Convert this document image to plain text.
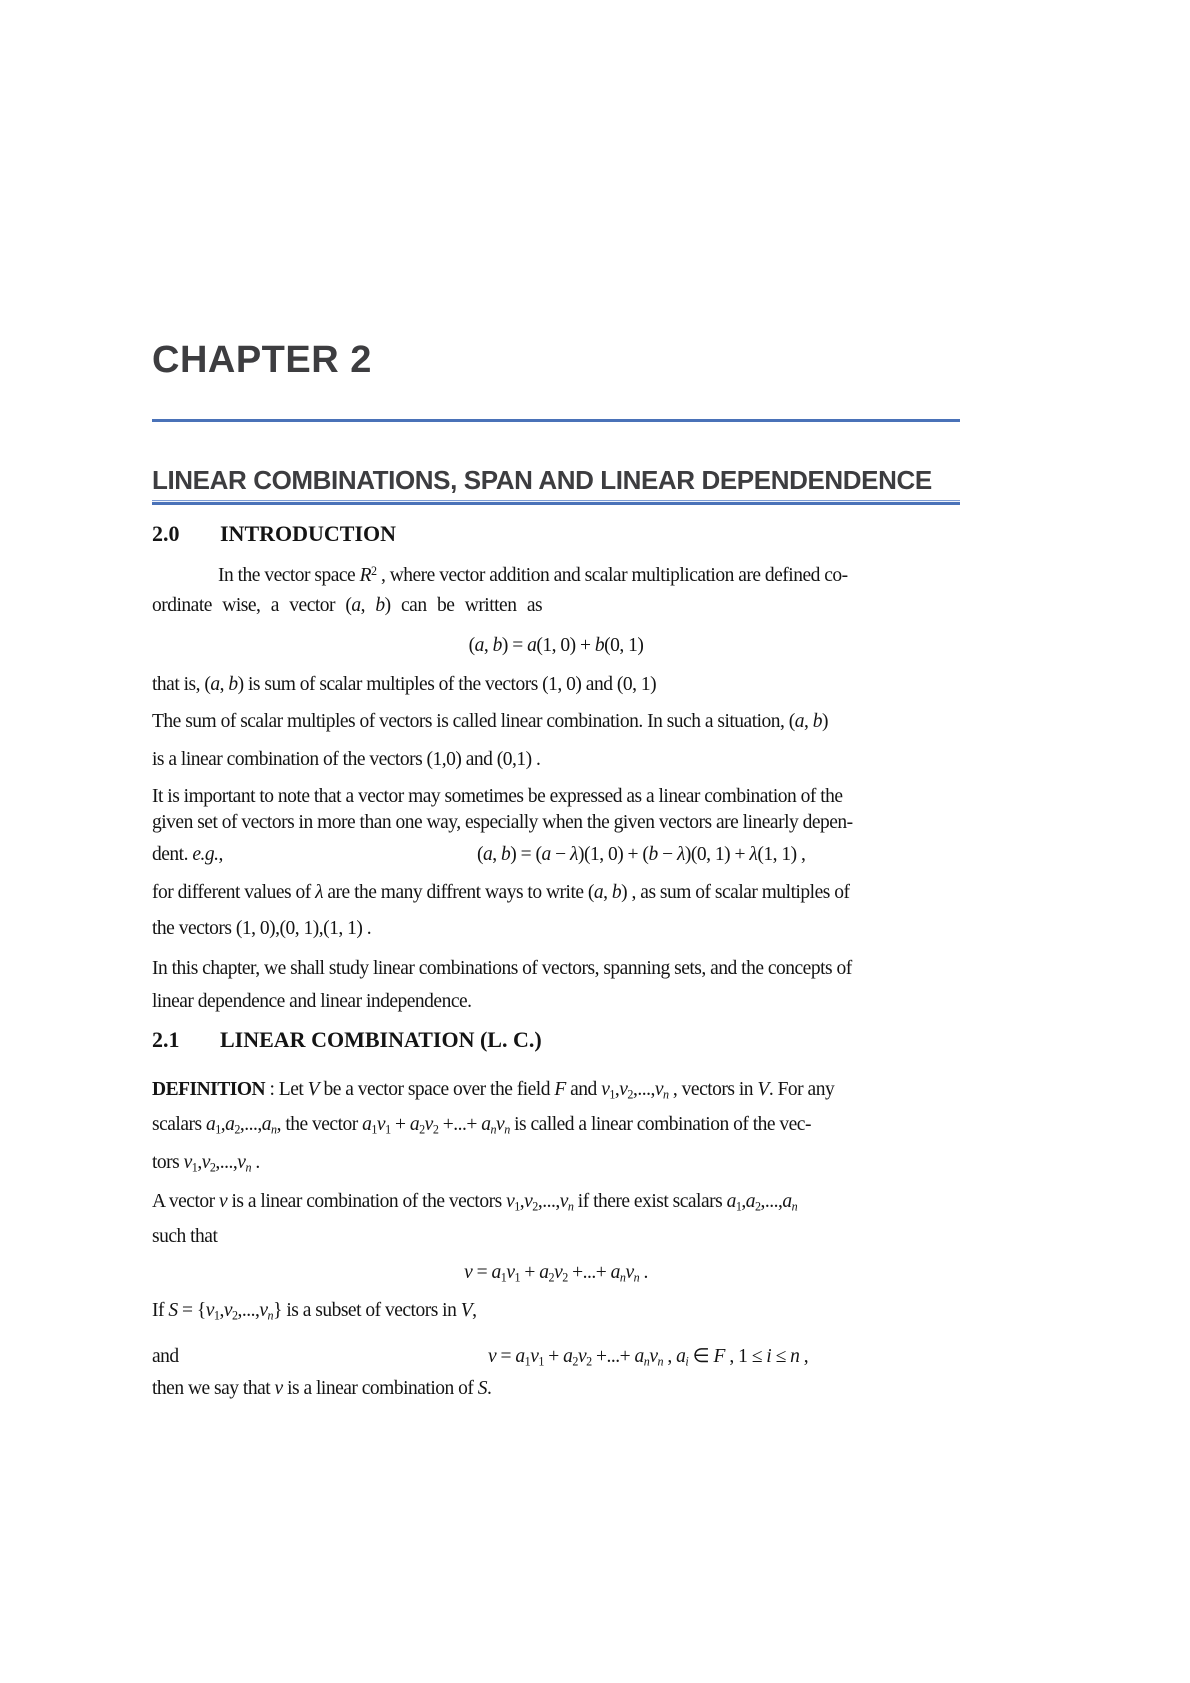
CHAPTER 2
LINEAR COMBINATIONS, SPAN AND LINEAR DEPENDENDENCE
2.0 INTRODUCTION
In the vector space $R^2$ , where vector addition and scalar multiplication are defined co-
ordinate wise, a vector (a, b) can be written as
(a, b) = a(1, 0) + b(0, 1)
that is, (a, b) is sum of scalar multiples of the vectors (1, 0) and (0, 1)
The sum of scalar multiples of vectors is called linear combination. In such a situation, (a, b)
is a linear combination of the vectors (1,0) and (0,1) .
It is important to note that a vector may sometimes be expressed as a linear combination of the
given set of vectors in more than one way, especially when the given vectors are linearly depen-
dent. e.g.,	(a, b) = (a − λ)(1, 0) + (b − λ)(0, 1) + λ(1, 1) ,
for different values of λ are the many diffrent ways to write (a, b) , as sum of scalar multiples of
the vectors (1, 0),(0, 1),(1, 1) .
In this chapter, we shall study linear combinations of vectors, spanning sets, and the concepts of
linear dependence and linear independence.
2.1 LINEAR COMBINATION (L. C.)
DEFINITION : Let V be a vector space over the field F and v1,v2,...,vn , vectors in V. For any
scalars a1,a2,...,an, the vector a1v1 + a2v2 +...+ anvn is called a linear combination of the vec-
tors v1,v2,...,vn .
A vector v is a linear combination of the vectors v1,v2,...,vn if there exist scalars a1,a2,...,an
such that
v = a1v1 + a2v2 +...+ anvn .
If S = {v1,v2,...,vn} is a subset of vectors in V,
and	v = a1v1 + a2v2 +...+ anvn , ai ∈ F , 1 ≤ i ≤ n ,
then we say that v is a linear combination of S.
